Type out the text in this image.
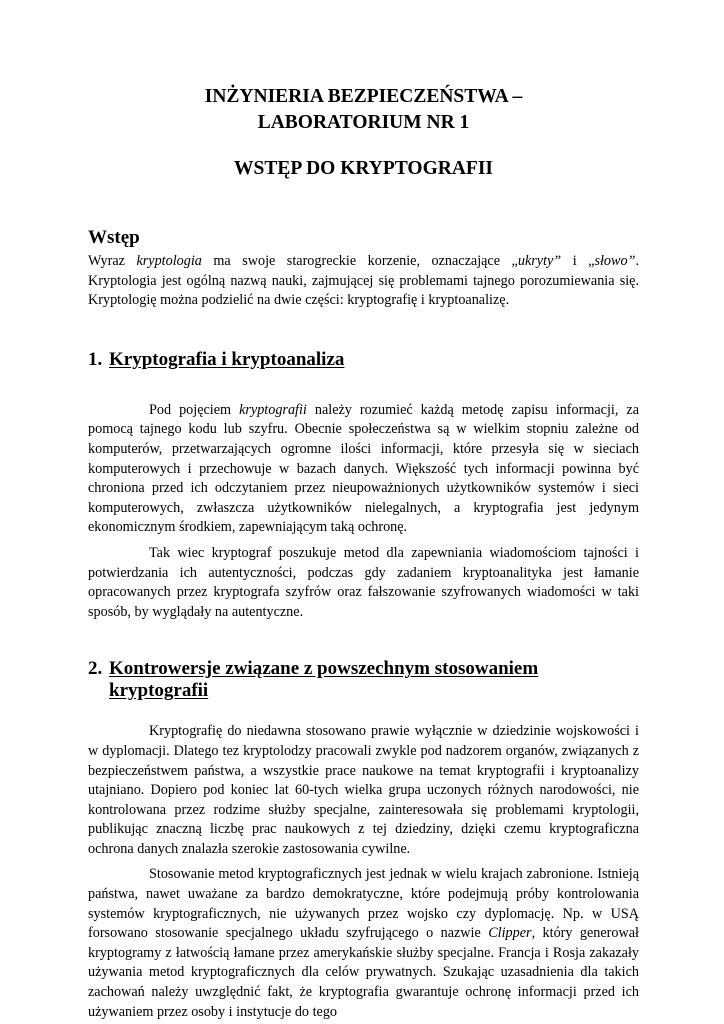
INŻYNIERIA BEZPIECZEŃSTWA –
LABORATORIUM NR 1
WSTĘP DO KRYPTOGRAFII
Wstęp

Wyraz kryptologia ma swoje starogreckie korzenie, oznaczające „ukryty” i „słowo”. Kryptologia jest ogólną nazwą nauki, zajmującej się problemami tajnego porozumiewania się. Kryptologię można podzielić na dwie części: kryptografię i kryptoanalizę.

1. Kryptografia i kryptoanaliza

Pod pojęciem kryptografii należy rozumieć każdą metodę zapisu informacji, za pomocą tajnego kodu lub szyfru. Obecnie społeczeństwa są w wielkim stopniu zależne od komputerów, przetwarzających ogromne ilości informacji, które przesyła się w sieciach komputerowych i przechowuje w bazach danych. Większość tych informacji powinna być chroniona przed ich odczytaniem przez nieupoważnionych użytkowników systemów i sieci komputerowych, zwłaszcza użytkowników nielegalnych, a kryptografia jest jedynym ekonomicznym środkiem, zapewniającym taką ochronę.

Tak wiec kryptograf poszukuje metod dla zapewniania wiadomościom tajności i potwierdzania ich autentyczności, podczas gdy zadaniem kryptoanalityka jest łamanie opracowanych przez kryptografa szyfrów oraz fałszowanie szyfrowanych wiadomości w taki sposób, by wyglądały na autentyczne.

2. Kontrowersje związane z powszechnym stosowaniem kryptografii

Kryptografię do niedawna stosowano prawie wyłącznie w dziedzinie wojskowości i w dyplomacji. Dlatego tez kryptolodzy pracowali zwykle pod nadzorem organów, związanych z bezpieczeństwem państwa, a wszystkie prace naukowe na temat kryptografii i kryptoanalizy utajniano. Dopiero pod koniec lat 60-tych wielka grupa uczonych różnych narodowości, nie kontrolowana przez rodzime służby specjalne, zainteresowała się problemami kryptologii, publikując znaczną liczbę prac naukowych z tej dziedziny, dzięki czemu kryptograficzna ochrona danych znalazła szerokie zastosowania cywilne.

Stosowanie metod kryptograficznych jest jednak w wielu krajach zabronione. Istnieją państwa, nawet uważane za bardzo demokratyczne, które podejmują próby kontrolowania systemów kryptograficznych, nie używanych przez wojsko czy dyplomację. Np. w USĄ forsowano stosowanie specjalnego układu szyfrującego o nazwie Clipper, który generował kryptogramy z łatwością łamane przez amerykańskie służby specjalne. Francja i Rosja zakazały używania metod kryptograficznych dla celów prywatnych. Szukając uzasadnienia dla takich zachowań należy uwzględnić fakt, że kryptografia gwarantuje ochronę informacji przed ich używaniem przez osoby i instytucje do tego
